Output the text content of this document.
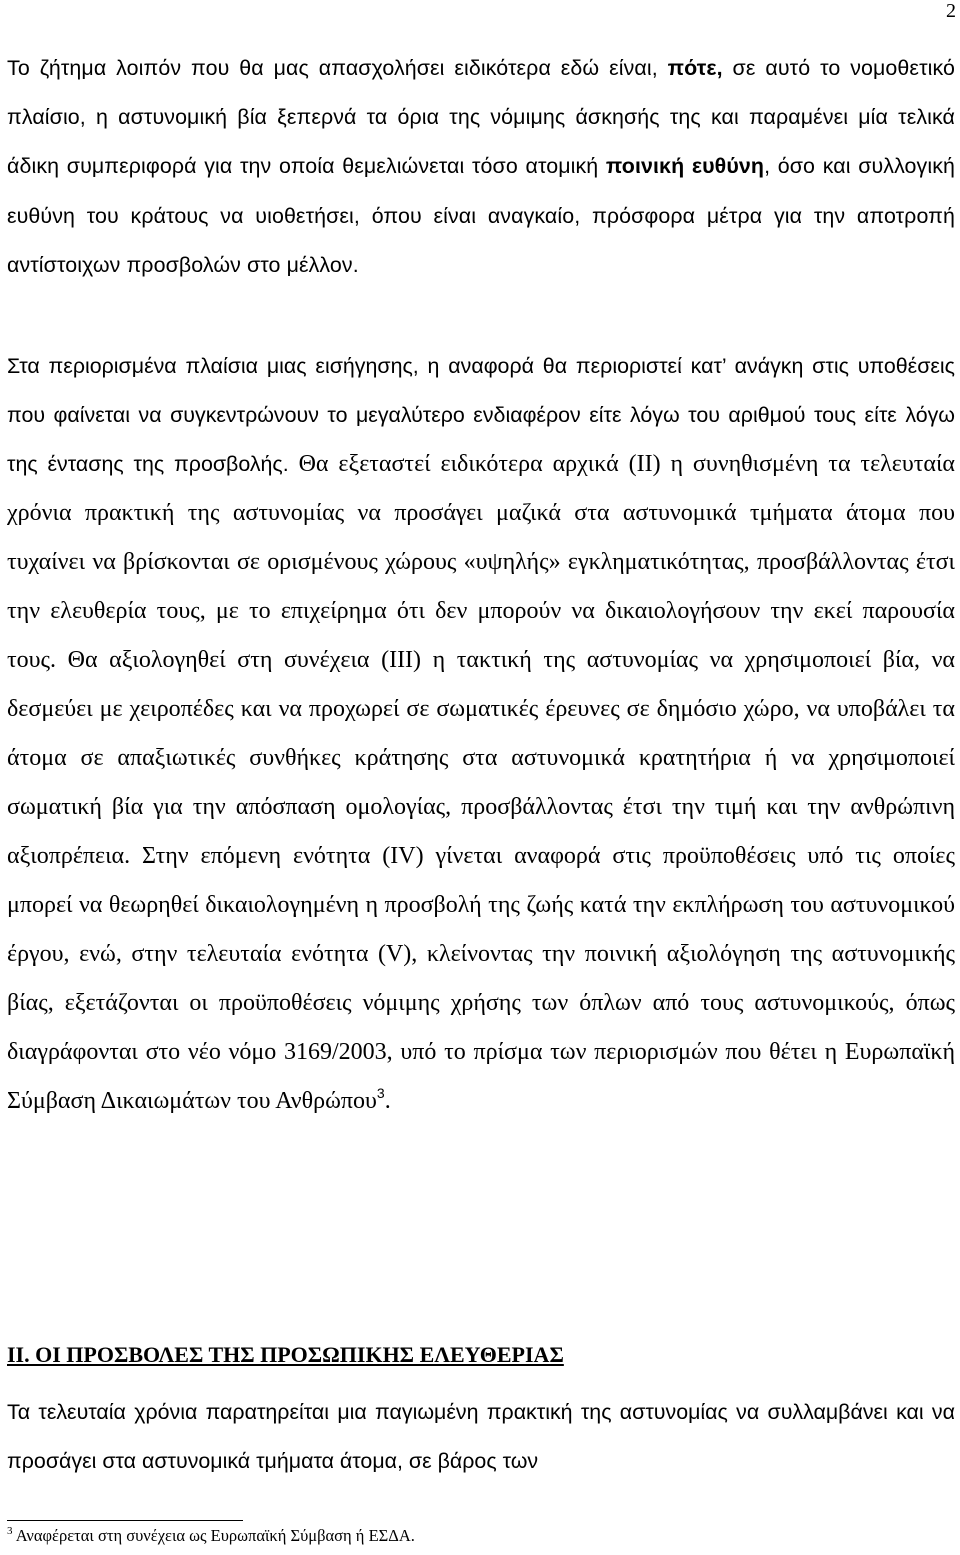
2

Το ζήτημα λοιπόν που θα μας απασχολήσει ειδικότερα εδώ είναι, πότε, σε αυτό το νομοθετικό πλαίσιο, η αστυνομική βία ξεπερνά τα όρια της νόμιμης άσκησής της και παραμένει μία τελικά άδικη συμπεριφορά για την οποία θεμελιώνεται τόσο ατομική ποινική ευθύνη, όσο και συλλογική ευθύνη του κράτους να υιοθετήσει, όπου είναι αναγκαίο, πρόσφορα μέτρα για την αποτροπή αντίστοιχων προσβολών στο μέλλον.

Στα περιορισμένα πλαίσια μιας εισήγησης, η αναφορά θα περιοριστεί κατ’ ανάγκη στις υποθέσεις που φαίνεται να συγκεντρώνουν το μεγαλύτερο ενδιαφέρον είτε λόγω του αριθμού τους είτε λόγω της έντασης της προσβολής. Θα εξεταστεί ειδικότερα αρχικά (ΙΙ) η συνηθισμένη τα τελευταία χρόνια πρακτική της αστυνομίας να προσάγει μαζικά στα αστυνομικά τμήματα άτομα που τυχαίνει να βρίσκονται σε ορισμένους χώρους «υψηλής» εγκληματικότητας, προσβάλλοντας έτσι την ελευθερία τους, με το επιχείρημα ότι δεν μπορούν να δικαιολογήσουν την εκεί παρουσία τους. Θα αξιολογηθεί στη συνέχεια (ΙΙΙ) η τακτική της αστυνομίας να χρησιμοποιεί βία, να δεσμεύει με χειροπέδες και να προχωρεί σε σωματικές έρευνες σε δημόσιο χώρο, να υποβάλει τα άτομα σε απαξιωτικές συνθήκες κράτησης στα αστυνομικά κρατητήρια ή να χρησιμοποιεί σωματική βία για την απόσπαση ομολογίας, προσβάλλοντας έτσι την τιμή και την ανθρώπινη αξιοπρέπεια. Στην επόμενη ενότητα (IV) γίνεται αναφορά στις προϋποθέσεις υπό τις οποίες μπορεί να θεωρηθεί δικαιολογημένη η προσβολή της ζωής κατά την εκπλήρωση του αστυνομικού έργου, ενώ, στην τελευταία ενότητα (V), κλείνοντας την ποινική αξιολόγηση της αστυνομικής βίας, εξετάζονται οι προϋποθέσεις νόμιμης χρήσης των όπλων από τους αστυνομικούς, όπως διαγράφονται στο νέο νόμο 3169/2003, υπό το πρίσμα των περιορισμών που θέτει η Ευρωπαϊκή Σύμβαση Δικαιωμάτων του Ανθρώπου$^3$.

ΙΙ. ΟΙ ΠΡΟΣΒΟΛΕΣ ΤΗΣ ΠΡΟΣΩΠΙΚΗΣ ΕΛΕΥΘΕΡΙΑΣ

Τα τελευταία χρόνια παρατηρείται μια παγιωμένη πρακτική της αστυνομίας να συλλαμβάνει και να προσάγει στα αστυνομικά τμήματα άτομα, σε βάρος των

$^3$ Αναφέρεται στη συνέχεια ως Ευρωπαϊκή Σύμβαση ή ΕΣΔΑ.
